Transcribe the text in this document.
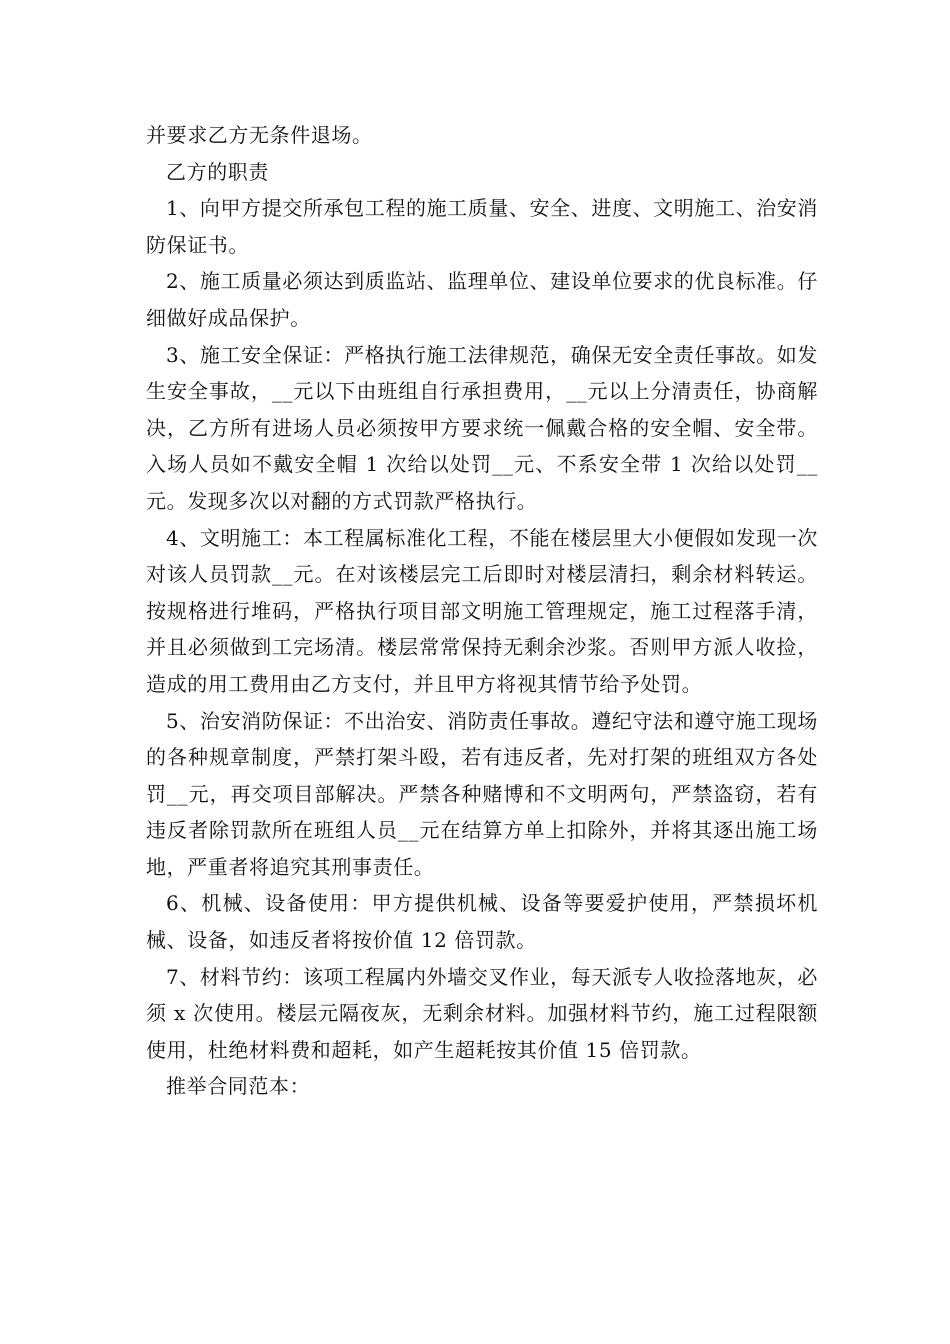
并要求乙方无条件退场。

乙方的职责

1、向甲方提交所承包工程的施工质量、安全、进度、文明施工、治安消防保证书。

2、施工质量必须达到质监站、监理单位、建设单位要求的优良标准。仔细做好成品保护。

3、施工安全保证：严格执行施工法律规范，确保无安全责任事故。如发生安全事故，__元以下由班组自行承担费用，__元以上分清责任，协商解决，乙方所有进场人员必须按甲方要求统一佩戴合格的安全帽、安全带。入场人员如不戴安全帽 1 次给以处罚__元、不系安全带 1 次给以处罚__元。发现多次以对翻的方式罚款严格执行。

4、文明施工：本工程属标准化工程，不能在楼层里大小便假如发现一次对该人员罚款__元。在对该楼层完工后即时对楼层清扫，剩余材料转运。按规格进行堆码，严格执行项目部文明施工管理规定，施工过程落手清，并且必须做到工完场清。楼层常常保持无剩余沙浆。否则甲方派人收捡，造成的用工费用由乙方支付，并且甲方将视其情节给予处罚。

5、治安消防保证：不出治安、消防责任事故。遵纪守法和遵守施工现场的各种规章制度，严禁打架斗殴，若有违反者，先对打架的班组双方各处罚__元，再交项目部解决。严禁各种赌博和不文明两句，严禁盗窃，若有违反者除罚款所在班组人员__元在结算方单上扣除外，并将其逐出施工场地，严重者将追究其刑事责任。

6、机械、设备使用：甲方提供机械、设备等要爱护使用，严禁损坏机械、设备，如违反者将按价值 12 倍罚款。

7、材料节约：该项工程属内外墙交叉作业，每天派专人收捡落地灰，必须 x 次使用。楼层元隔夜灰，无剩余材料。加强材料节约，施工过程限额使用，杜绝材料费和超耗，如产生超耗按其价值 15 倍罚款。

推举合同范本：
